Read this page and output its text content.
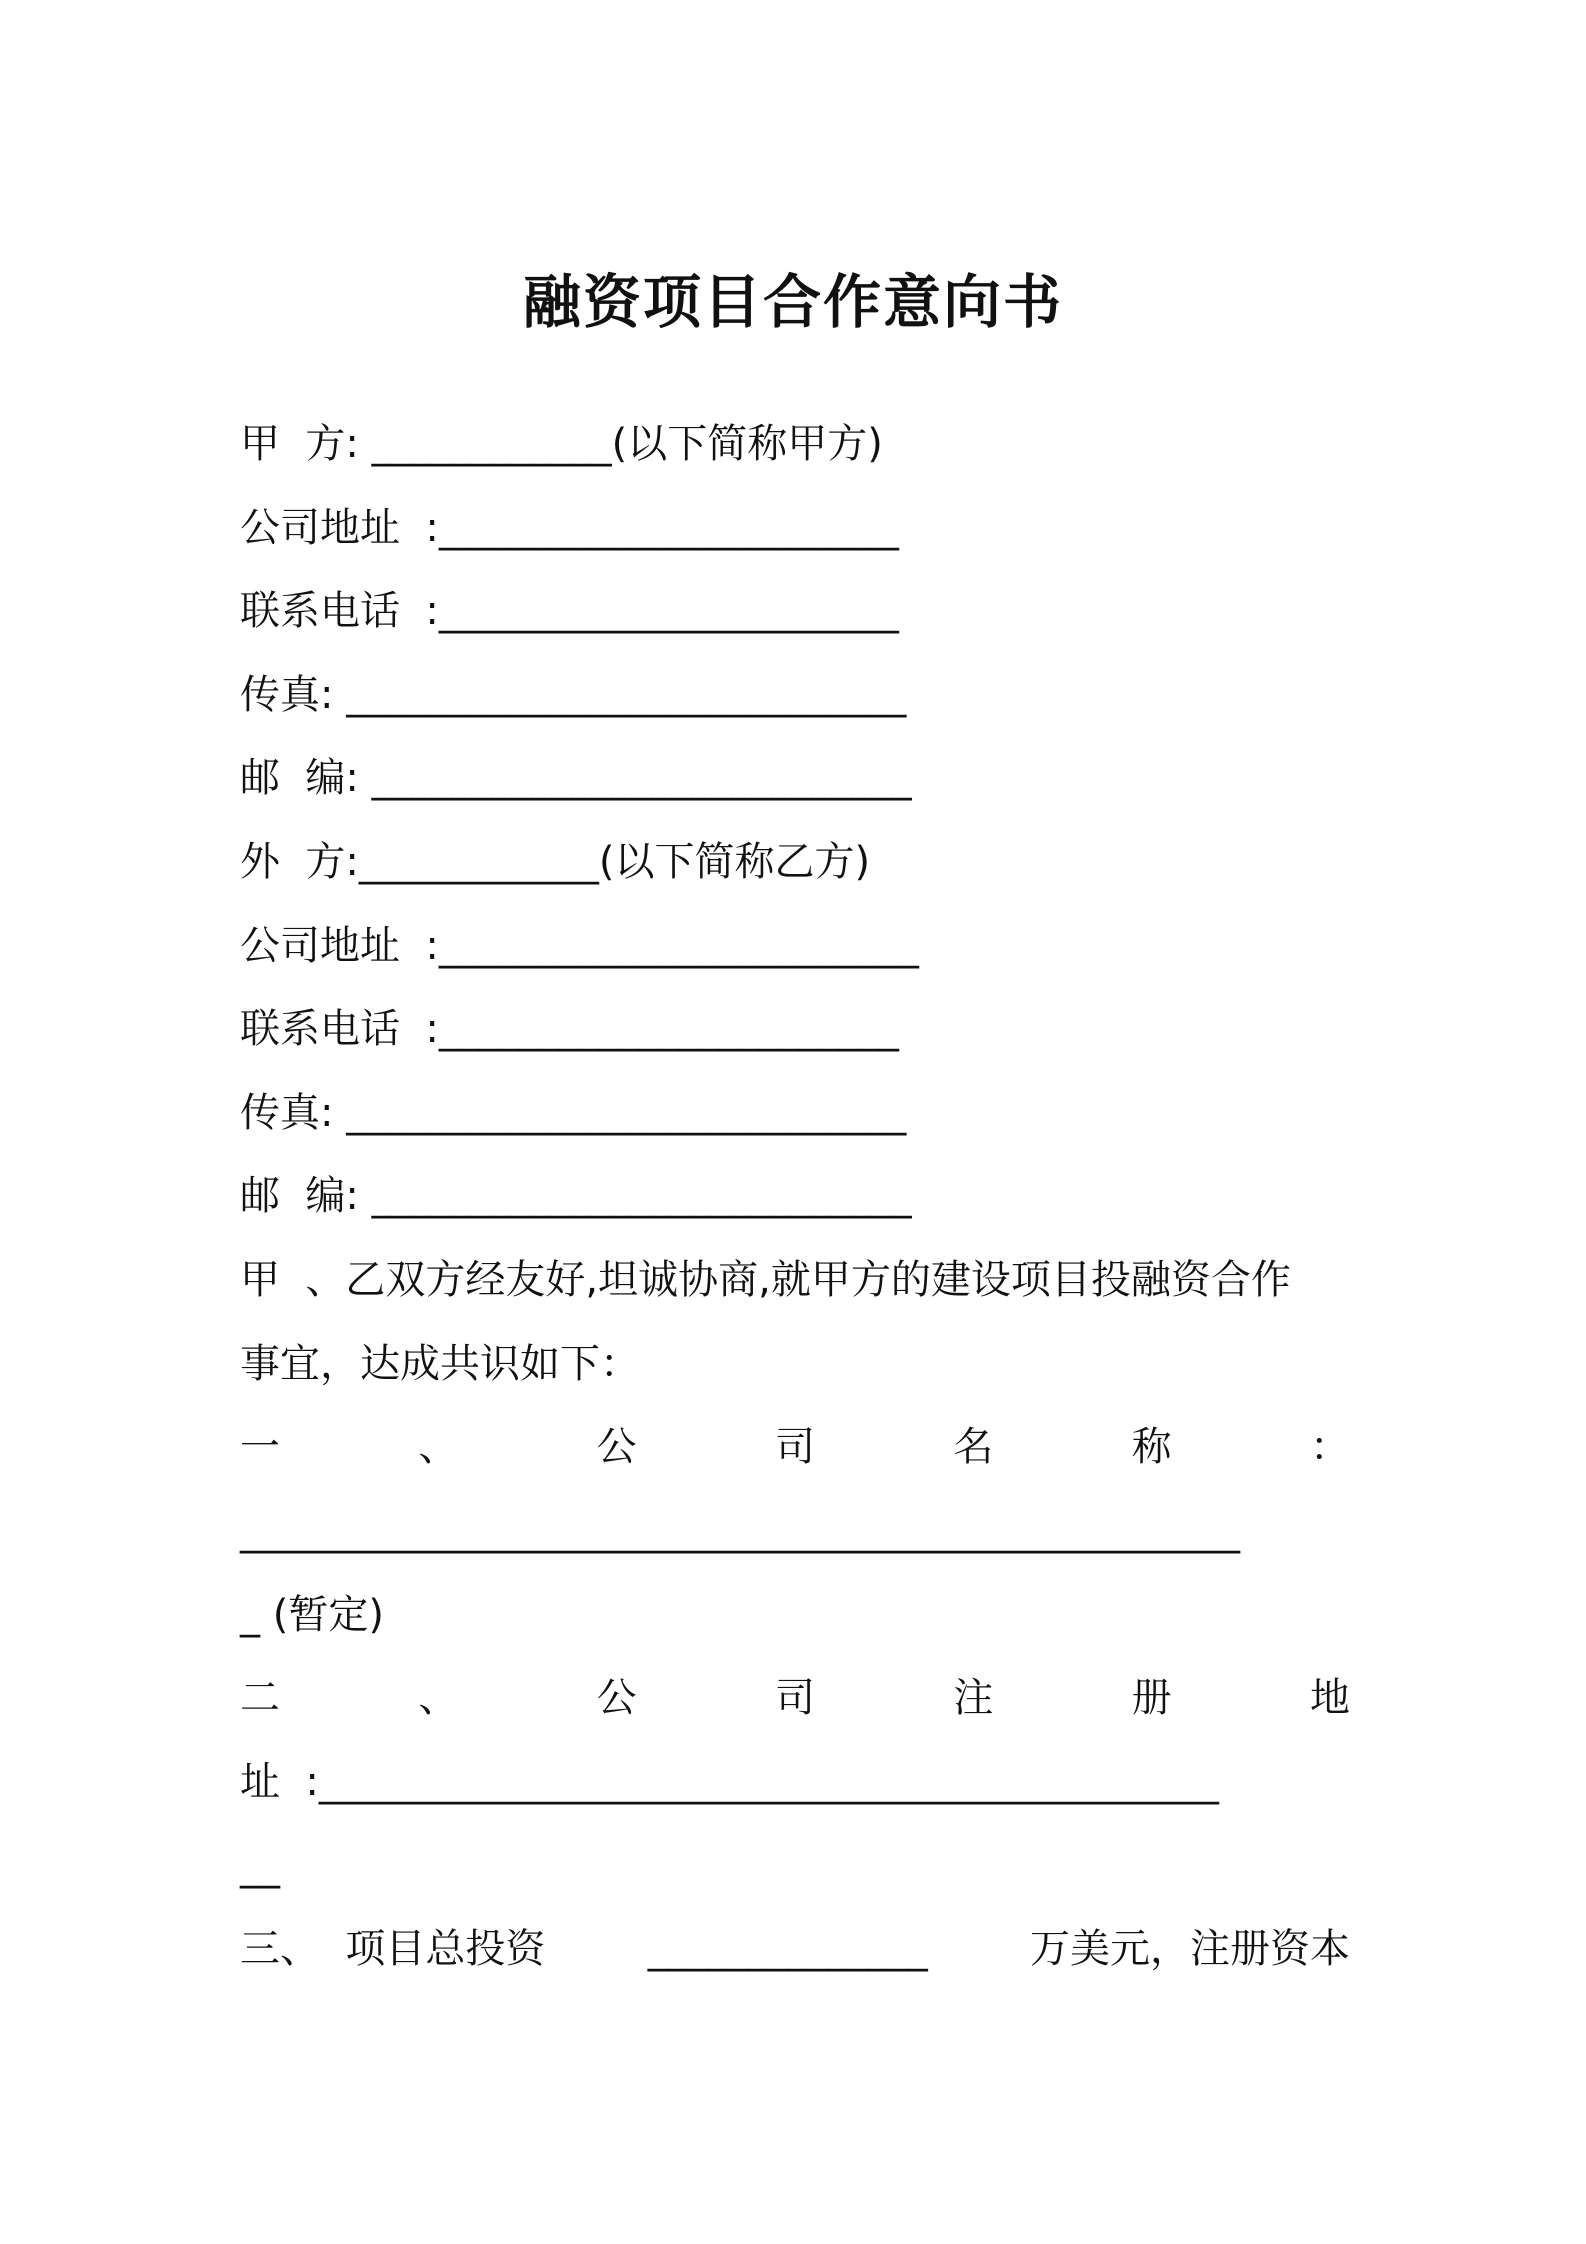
融资项目合作意向书
甲  方: ____________(以下简称甲方)
公司地址  :_______________________
联系电话  :_______________________
传真: ____________________________
邮  编: ___________________________
外  方:____________(以下简称乙方)
公司地址  :________________________
联系电话  :_______________________
传真: ____________________________
邮  编: ___________________________
甲  、乙双方经友好,坦诚协商,就甲方的建设项目投融资合作
事宜，达成共识如下：
一	、	公	司	名	称	：
__________________________________________________
_ (暂定)
二	、	公	司	注	册	地
址  :_____________________________________________
__
三、  项目总投资	______________	万美元，注册资本
